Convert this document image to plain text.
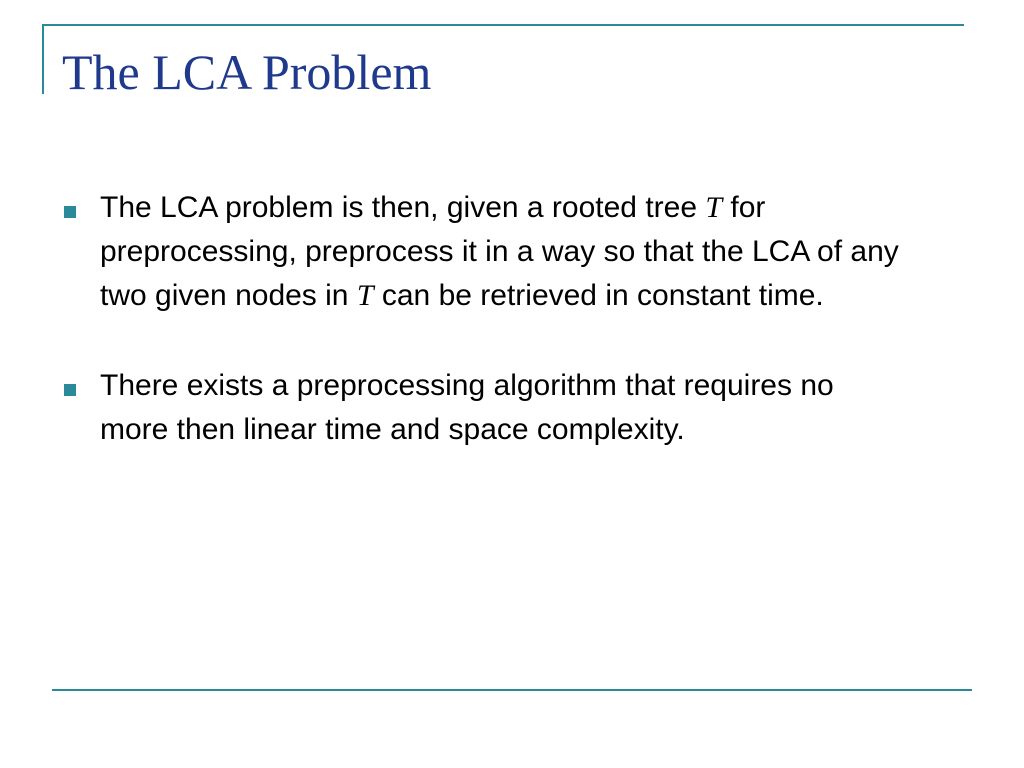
The LCA Problem
The LCA problem is then, given a rooted tree T for preprocessing, preprocess it in a way so that the LCA of any two given nodes in T can be retrieved in constant time.
There exists a preprocessing algorithm that requires no more then linear time and space complexity.
